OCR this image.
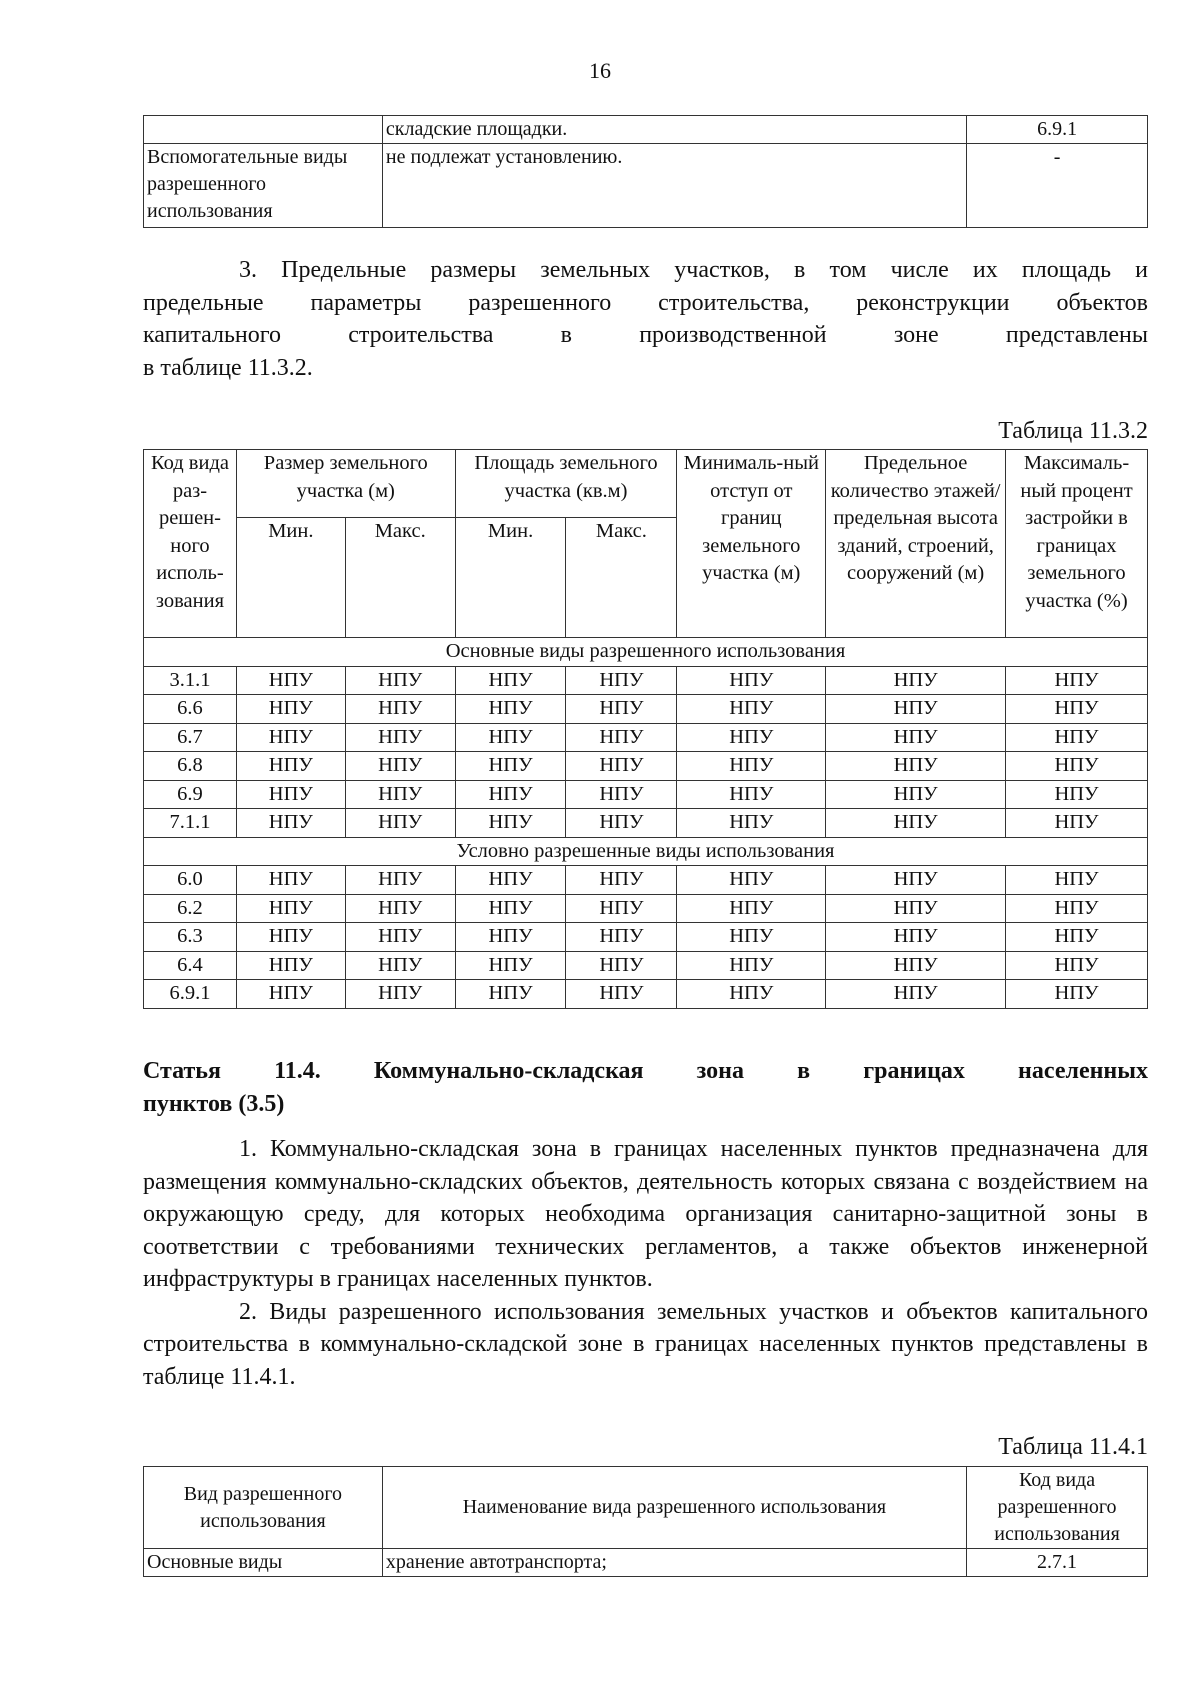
16
	складские площадки.	6.9.1
Вспомогательные виды разрешенного использования	не подлежат установлению.	-
3. Предельные размеры земельных участков, в том числе их площадь и
предельные параметры разрешенного строительства, реконструкции объектов
капитального строительства в производственной зоне представлены
в таблице 11.3.2.
Таблица 11.3.2
Код вида раз-решен-ного исполь-зования	Размер земельного участка (м)		Площадь земельного участка (кв.м)		Минималь-ный отступ от границ земельного участка (м)	Предельное количество этажей/ предельная высота зданий, строений, сооружений (м)	Максималь-ный процент застройки в границах земельного участка (%)
	Мин.	Макс.	Мин.	Макс.			
Основные виды разрешенного использования							
3.1.1	НПУ	НПУ	НПУ	НПУ	НПУ	НПУ	НПУ
6.6	НПУ	НПУ	НПУ	НПУ	НПУ	НПУ	НПУ
6.7	НПУ	НПУ	НПУ	НПУ	НПУ	НПУ	НПУ
6.8	НПУ	НПУ	НПУ	НПУ	НПУ	НПУ	НПУ
6.9	НПУ	НПУ	НПУ	НПУ	НПУ	НПУ	НПУ
7.1.1	НПУ	НПУ	НПУ	НПУ	НПУ	НПУ	НПУ
Условно разрешенные виды использования							
6.0	НПУ	НПУ	НПУ	НПУ	НПУ	НПУ	НПУ
6.2	НПУ	НПУ	НПУ	НПУ	НПУ	НПУ	НПУ
6.3	НПУ	НПУ	НПУ	НПУ	НПУ	НПУ	НПУ
6.4	НПУ	НПУ	НПУ	НПУ	НПУ	НПУ	НПУ
6.9.1	НПУ	НПУ	НПУ	НПУ	НПУ	НПУ	НПУ
Статья 11.4. Коммунально-складская зона в границах населенных
пунктов (3.5)

1. Коммунально-складская зона в границах населенных пунктов предназначена для размещения коммунально-складских объектов, деятельность которых связана с воздействием на окружающую среду, для которых необходима организация санитарно-защитной зоны в соответствии с требованиями технических регламентов, а также объектов инженерной инфраструктуры в границах населенных пунктов.

2. Виды разрешенного использования земельных участков и объектов капитального строительства в коммунально-складской зоне в границах населенных пунктов представлены в таблице 11.4.1.

Таблица 11.4.1
Вид разрешенного использования	Наименование вида разрешенного использования	Код вида разрешенного использования
Основные виды	хранение автотранспорта;	2.7.1
